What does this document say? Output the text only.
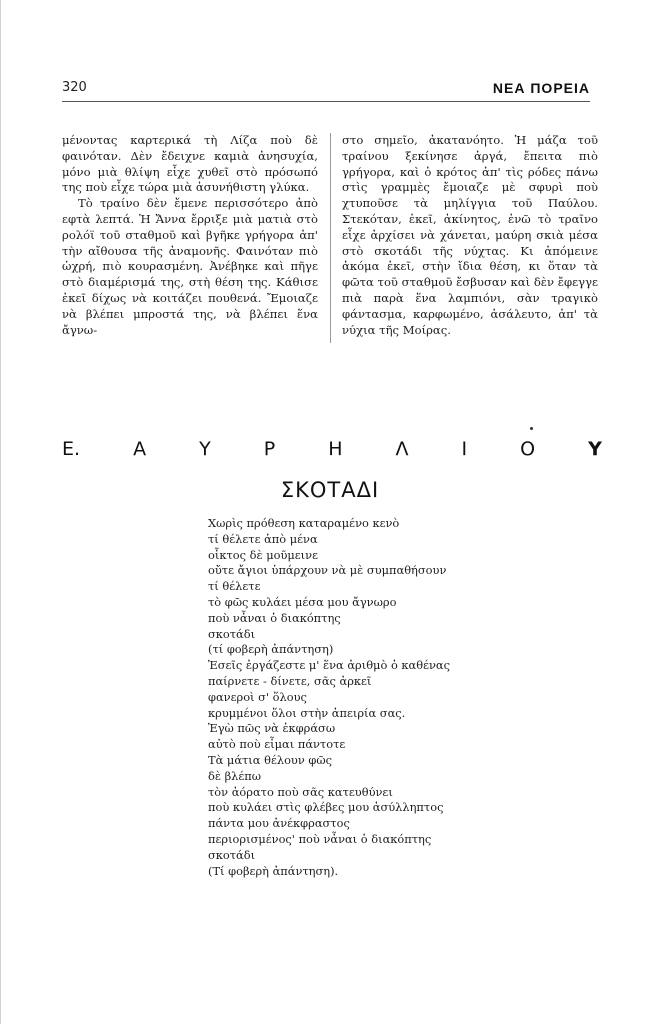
320	ΝΕΑ ΠΟΡΕΙΑ

μένοντας καρτερικά τὴ Λίζα ποὺ δὲ φαινόταν. Δὲν ἔδειχνε καμιὰ ἀνησυχία, μόνο μιὰ θλίψη εἶχε χυθεῖ στὸ πρόσωπό της ποὺ εἶχε τώρα μιὰ ἀσυνήθιστη γλύκα.

Τὸ τραίνο δὲν ἔμενε περισσότερο ἀπὸ εφτὰ λεπτά. Ἡ Ἄννα ἔρριξε μιὰ ματιὰ στὸ ρολόϊ τοῦ σταθμοῦ καὶ βγῆκε γρήγορα ἀπ' τὴν αἴθουσα τῆς ἀναμονῆς. Φαινόταν πιὸ ὠχρή, πιὸ κουρασμένη. Ἀνέβηκε καὶ πῆγε στὸ διαμέρισμά της, στὴ θέση της. Κάθισε ἐκεῖ δίχως νὰ κοιτάζει πουθενά. Ἔμοιαζε νὰ βλέπει μπροστά της, νὰ βλέπει ἕνα ἄγνω-

στο σημεῖο, ἀκατανόητο. Ἡ μάζα τοῦ τραίνου ξεκίνησε ἀργά, ἔπειτα πιὸ γρήγορα, καὶ ὁ κρότος ἀπ' τὶς ρόδες πάνω στὶς γραμμὲς ἔμοιαζε μὲ σφυρὶ ποὺ χτυποῦσε τὰ μηλίγγια τοῦ Παύλου. Στεκόταν, ἐκεῖ, ἀκίνητος, ἐνῶ τὸ τραῖνο εἶχε ἀρχίσει νὰ χάνεται, μαύρη σκιὰ μέσα στὸ σκοτάδι τῆς νύχτας. Κι ἀπόμεινε ἀκόμα ἐκεῖ, στὴν ἴδια θέση, κι ὅταν τὰ φῶτα τοῦ σταθμοῦ ἔσβυσαν καὶ δὲν ἔφεγγε πιὰ παρὰ ἕνα λαμπιόνι, σὰν τραγικὸ φάντασμα, καρφωμένο, ἀσάλευτο, ἀπ' τὰ νύχια τῆς Μοίρας.

Ε.	Α	Υ	Ρ	Η	Λ	Ι	Ο	Υ
ΣΚΟΤΑΔΙ
Χωρὶς πρόθεση καταραμένο κενὸ
τί θέλετε ἀπὸ μένα
οἶκτος δὲ μοῦμεινε
οὔτε ἄγιοι ὑπάρχουν νὰ μὲ συμπαθήσουν
τί θέλετε
τὸ φῶς κυλάει μέσα μου ἄγνωρο
ποὺ νἆναι ὁ διακόπτης
σκοτάδι
(τί φοβερὴ ἀπάντηση)
Ἐσεῖς ἐργάζεστε μ' ἕνα ἀριθμὸ ὁ καθένας
παίρνετε - δίνετε, σᾶς ἀρκεῖ
φανεροὶ σ' ὅλους
κρυμμένοι ὅλοι στὴν ἀπειρία σας.
Ἐγὼ πῶς νὰ ἐκφράσω
αὐτὸ ποὺ εἶμαι πάντοτε
Τὰ μάτια θέλουν φῶς
δὲ βλέπω
τὸν ἀόρατο ποὺ σᾶς κατευθύνει
ποὺ κυλάει στὶς φλέβες μου ἀσύλληπτος
πάντα μου ἀνέκφραστος
περιορισμένος' ποὺ νἆναι ὁ διακόπτης
σκοτάδι
(Τί φοβερὴ ἀπάντηση).
